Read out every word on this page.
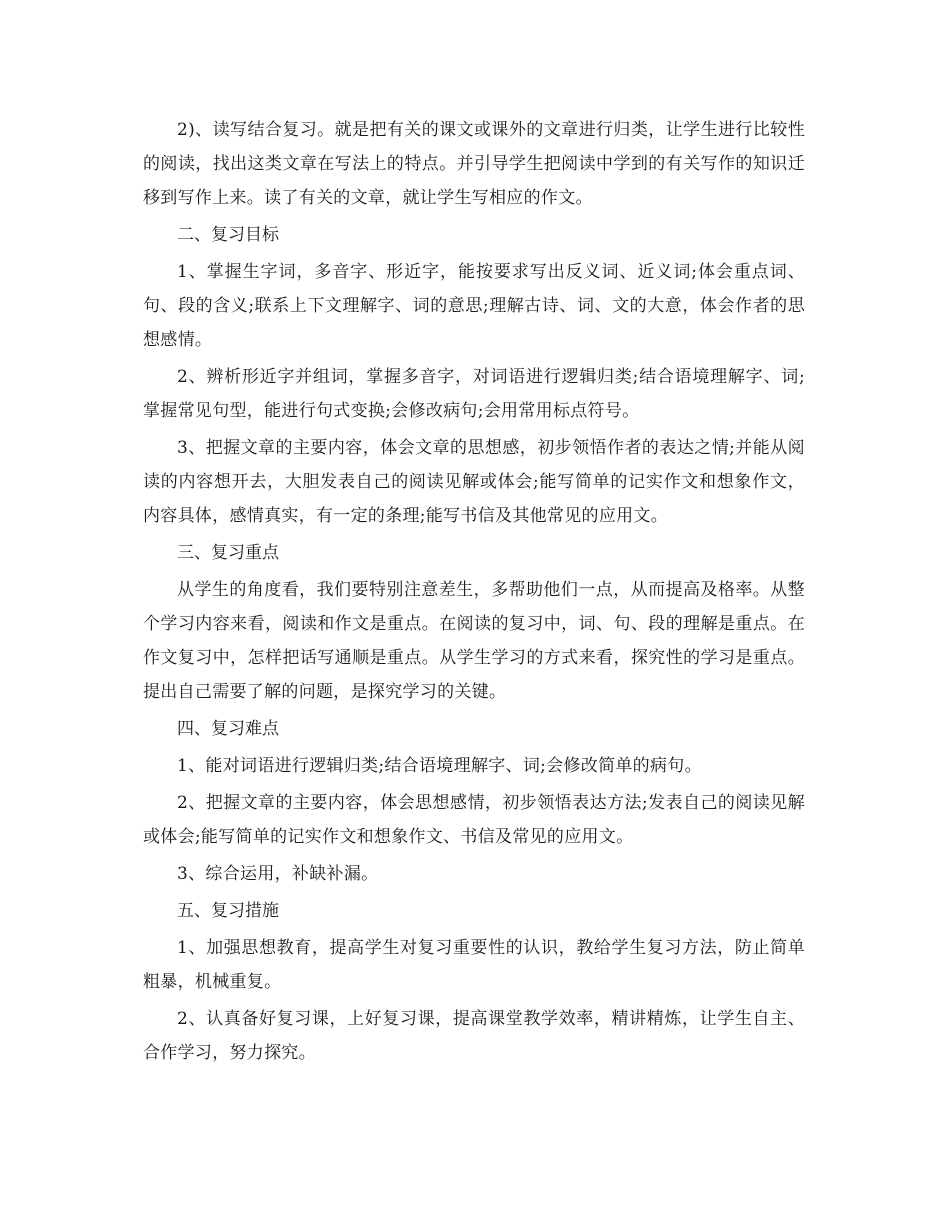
2)、读写结合复习。就是把有关的课文或课外的文章进行归类，让学生进行比较性的阅读，找出这类文章在写法上的特点。并引导学生把阅读中学到的有关写作的知识迁移到写作上来。读了有关的文章，就让学生写相应的作文。

二、复习目标

1、掌握生字词，多音字、形近字，能按要求写出反义词、近义词;体会重点词、句、段的含义;联系上下文理解字、词的意思;理解古诗、词、文的大意，体会作者的思想感情。

2、辨析形近字并组词，掌握多音字，对词语进行逻辑归类;结合语境理解字、词;掌握常见句型，能进行句式变换;会修改病句;会用常用标点符号。

3、把握文章的主要内容，体会文章的思想感，初步领悟作者的表达之情;并能从阅读的内容想开去，大胆发表自己的阅读见解或体会;能写简单的记实作文和想象作文，内容具体，感情真实，有一定的条理;能写书信及其他常见的应用文。

三、复习重点

从学生的角度看，我们要特别注意差生，多帮助他们一点，从而提高及格率。从整个学习内容来看，阅读和作文是重点。在阅读的复习中，词、句、段的理解是重点。在作文复习中，怎样把话写通顺是重点。从学生学习的方式来看，探究性的学习是重点。提出自己需要了解的问题，是探究学习的关键。

四、复习难点

1、能对词语进行逻辑归类;结合语境理解字、词;会修改简单的病句。

2、把握文章的主要内容，体会思想感情，初步领悟表达方法;发表自己的阅读见解或体会;能写简单的记实作文和想象作文、书信及常见的应用文。

3、综合运用，补缺补漏。

五、复习措施

1、加强思想教育，提高学生对复习重要性的认识，教给学生复习方法，防止简单粗暴，机械重复。

2、认真备好复习课，上好复习课，提高课堂教学效率，精讲精炼，让学生自主、合作学习，努力探究。
